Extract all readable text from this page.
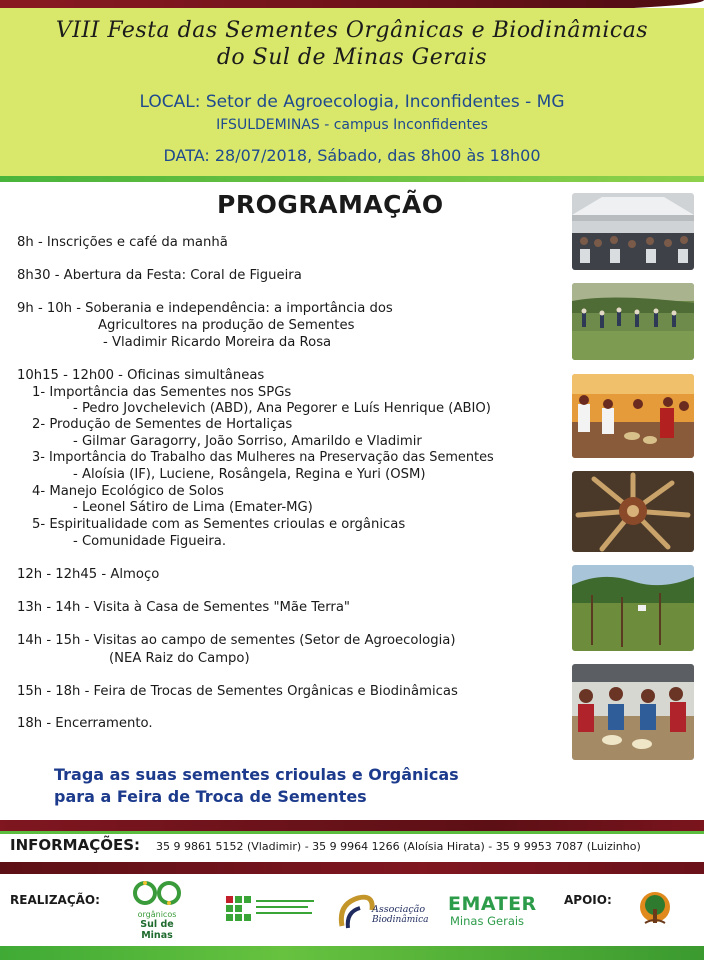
VIII Festa das Sementes Orgânicas e Biodinâmicas
do Sul de Minas Gerais
LOCAL: Setor de Agroecologia, Inconfidentes - MG
IFSULDEMINAS - campus Inconfidentes
DATA: 28/07/2018, Sábado, das 8h00 às 18h00
PROGRAMAÇÃO
8h - Inscrições e café da manhã
8h30 - Abertura da Festa: Coral de Figueira
9h - 10h - Soberania e independência: a importância dos
Agricultores na produção de Sementes
- Vladimir Ricardo Moreira da Rosa
10h15 - 12h00 - Oficinas simultâneas
1- Importância das Sementes nos SPGs
- Pedro Jovchelevich (ABD), Ana Pegorer e Luís Henrique (ABIO)
2- Produção de Sementes de Hortaliças
- Gilmar Garagorry, João Sorriso, Amarildo e Vladimir
3- Importância do Trabalho das Mulheres na Preservação das Sementes
- Aloísia (IF), Luciene, Rosângela, Regina e Yuri (OSM)
4- Manejo Ecológico de Solos
- Leonel Sátiro de Lima (Emater-MG)
5- Espiritualidade com as Sementes crioulas e orgânicas
- Comunidade Figueira.
12h - 12h45 - Almoço
13h - 14h - Visita à Casa de Sementes "Mãe Terra"
14h - 15h - Visitas ao campo de sementes (Setor de Agroecologia)
(NEA Raiz do Campo)
15h - 18h - Feira de Trocas de Sementes Orgânicas e Biodinâmicas
18h - Encerramento.
Traga as suas sementes crioulas e Orgânicas
para a Feira de Troca de Sementes
INFORMAÇÕES: 35 9 9861 5152 (Vladimir) - 35 9 9964 1266 (Aloísia Hirata) - 35 9 9953 7087 (Luizinho)
REALIZAÇÃO:
orgânicos
Sul de Minas
Associação
Biodinâmica
EMATER
Minas Gerais
APOIO:
